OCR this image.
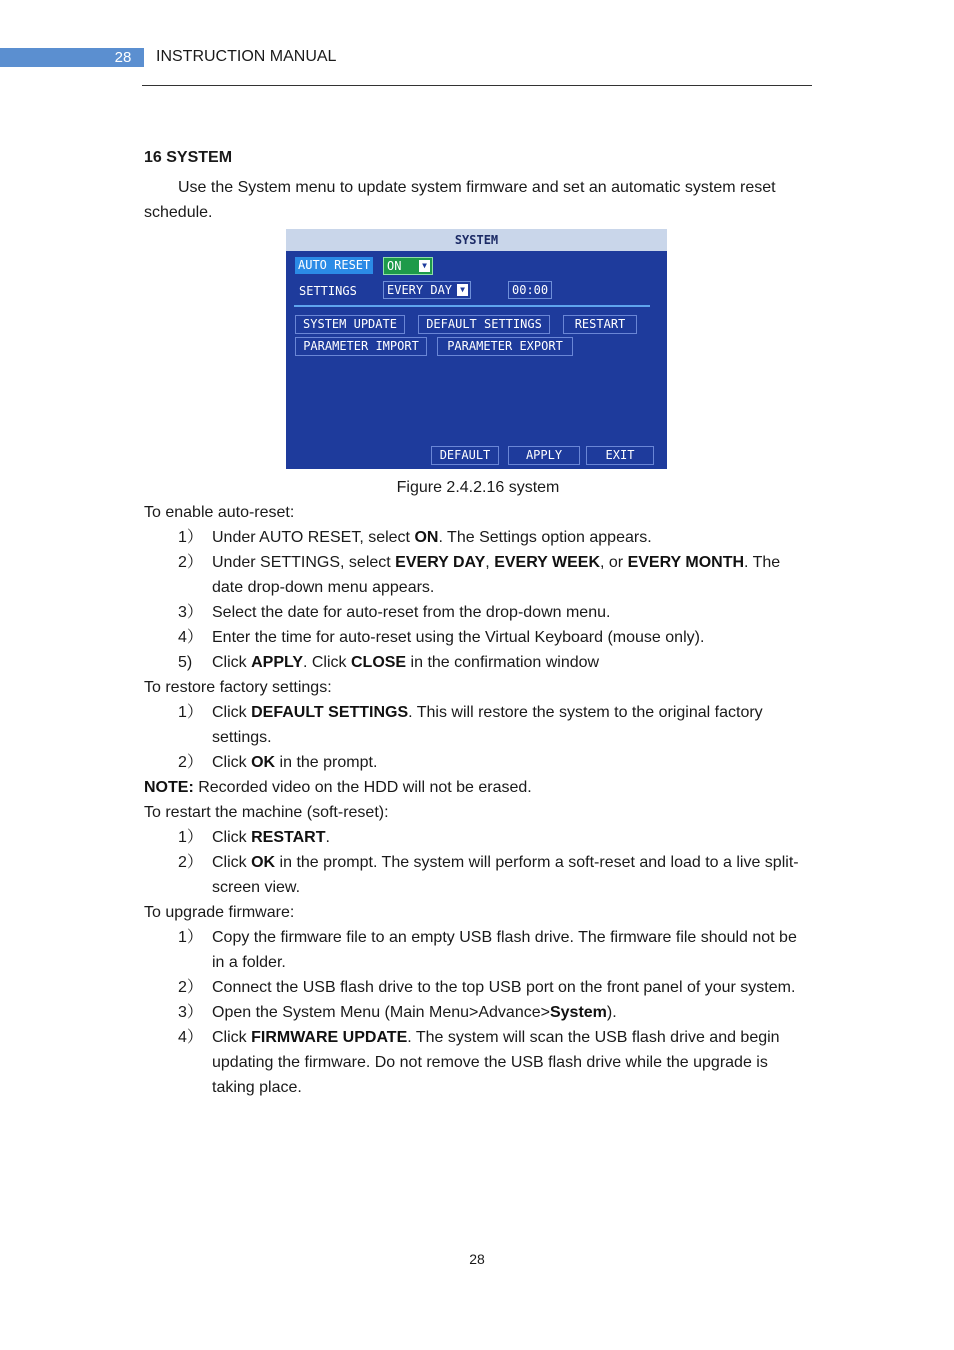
28 INSTRUCTION MANUAL

16 SYSTEM

Use the System menu to update system firmware and set an automatic system reset schedule.

SYSTEM
AUTO RESET	ON	▼
SETTINGS	EVERY DAY	▼	00:00
SYSTEM UPDATE	DEFAULT SETTINGS	RESTART
PARAMETER IMPORT	PARAMETER EXPORT
DEFAULT	APPLY	EXIT

Figure 2.4.2.16 system

To enable auto-reset:

1） Under AUTO RESET, select ON. The Settings option appears.
2） Under SETTINGS, select EVERY DAY, EVERY WEEK, or EVERY MONTH. The date drop-down menu appears.
3） Select the date for auto-reset from the drop-down menu.
4） Enter the time for auto-reset using the Virtual Keyboard (mouse only).
5)	Click APPLY. Click CLOSE in the confirmation window

To restore factory settings:

1） Click DEFAULT SETTINGS. This will restore the system to the original factory settings.
2） Click OK in the prompt.

NOTE: Recorded video on the HDD will not be erased.

To restart the machine (soft-reset):

1） Click RESTART.
2） Click OK in the prompt. The system will perform a soft-reset and load to a live split-screen view.

To upgrade firmware:

1） Copy the firmware file to an empty USB flash drive. The firmware file should not be in a folder.
2） Connect the USB flash drive to the top USB port on the front panel of your system.
3） Open the System Menu (Main Menu>Advance>System).
4） Click FIRMWARE UPDATE. The system will scan the USB flash drive and begin updating the firmware. Do not remove the USB flash drive while the upgrade is taking place.
28
